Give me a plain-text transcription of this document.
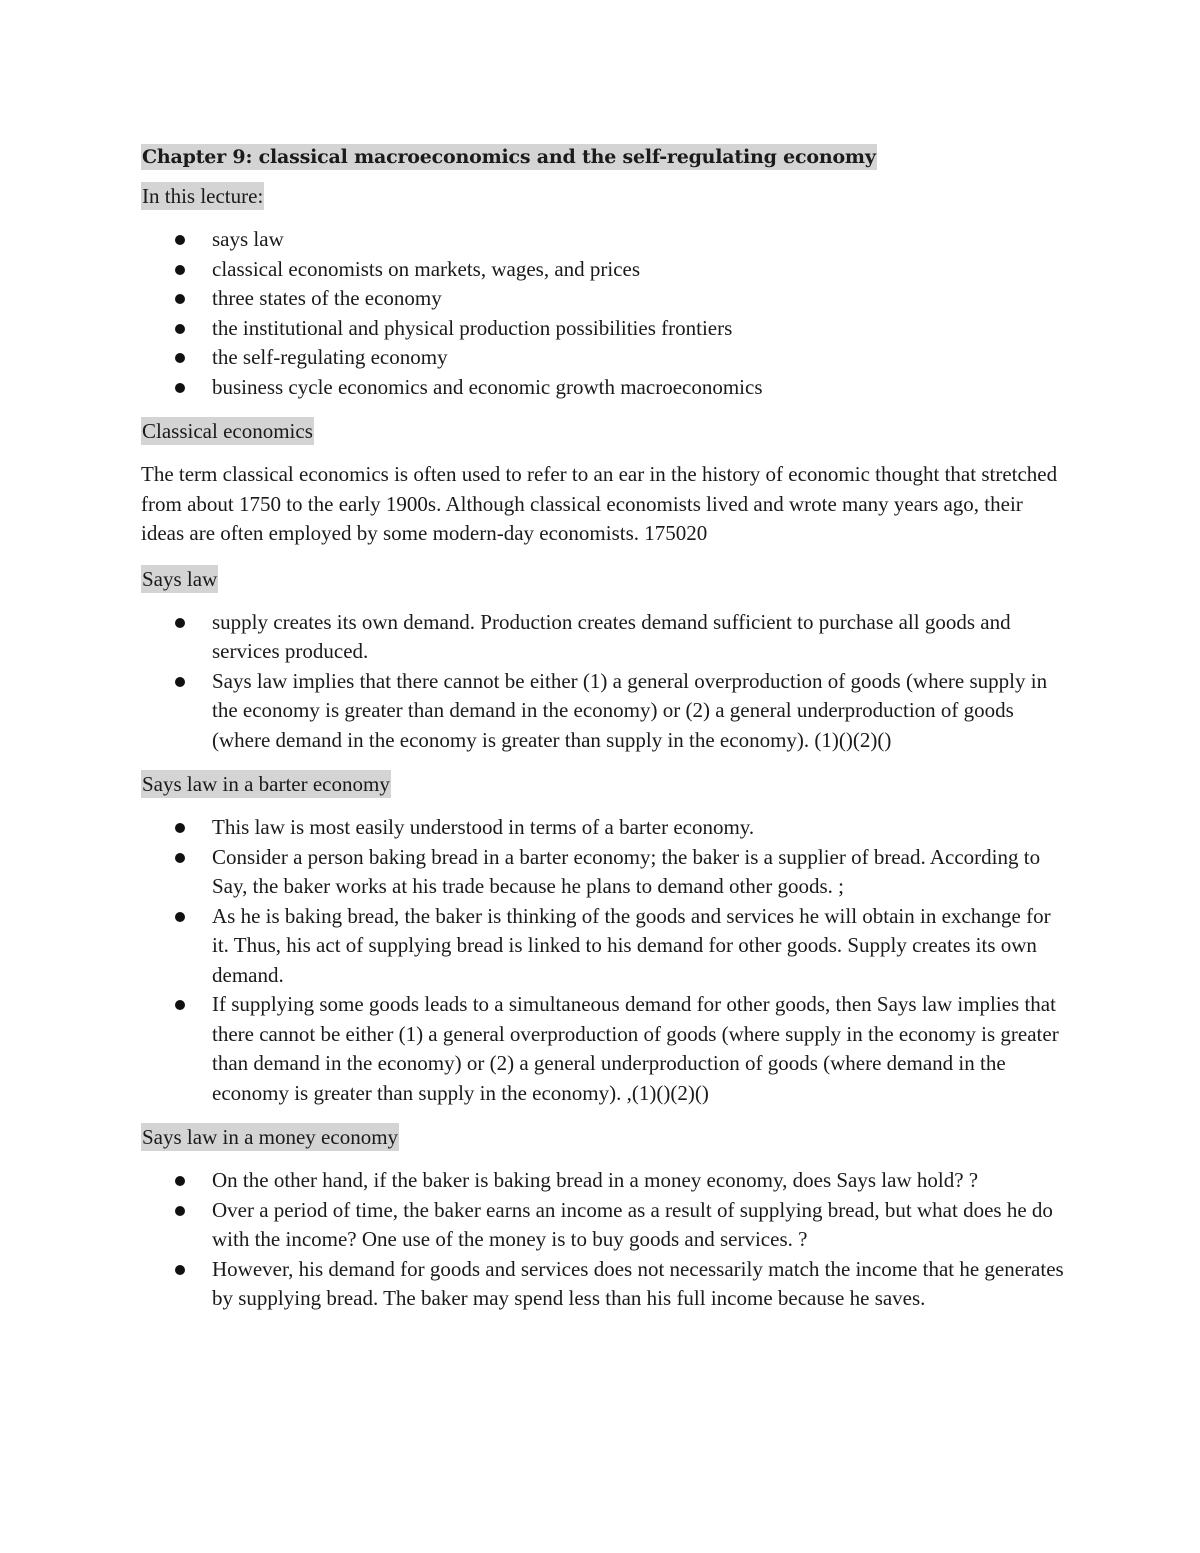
Chapter 9: classical macroeconomics and the self-regulating economy
In this lecture:
says law
classical economists on markets, wages, and prices
three states of the economy
the institutional and physical production possibilities frontiers
the self-regulating economy
business cycle economics and economic growth macroeconomics
Classical economics

The term classical economics is often used to refer to an ear in the history of economic thought that stretched from about 1750 to the early 1900s. Although classical economists lived and wrote many years ago, their ideas are often employed by some modern-day economists. 175020

Says law
supply creates its own demand. Production creates demand sufficient to purchase all goods and services produced.
Says law implies that there cannot be either (1) a general overproduction of goods (where supply in the economy is greater than demand in the economy) or (2) a general underproduction of goods (where demand in the economy is greater than supply in the economy). (1)()(2)()
Says law in a barter economy
This law is most easily understood in terms of a barter economy.
Consider a person baking bread in a barter economy; the baker is a supplier of bread. According to Say, the baker works at his trade because he plans to demand other goods. ;
As he is baking bread, the baker is thinking of the goods and services he will obtain in exchange for it. Thus, his act of supplying bread is linked to his demand for other goods. Supply creates its own demand.
If supplying some goods leads to a simultaneous demand for other goods, then Says law implies that there cannot be either (1) a general overproduction of goods (where supply in the economy is greater than demand in the economy) or (2) a general underproduction of goods (where demand in the economy is greater than supply in the economy). ,(1)()(2)()
Says law in a money economy
On the other hand, if the baker is baking bread in a money economy, does Says law hold? ?
Over a period of time, the baker earns an income as a result of supplying bread, but what does he do with the income? One use of the money is to buy goods and services. ?
However, his demand for goods and services does not necessarily match the income that he generates by supplying bread. The baker may spend less than his full income because he saves.
